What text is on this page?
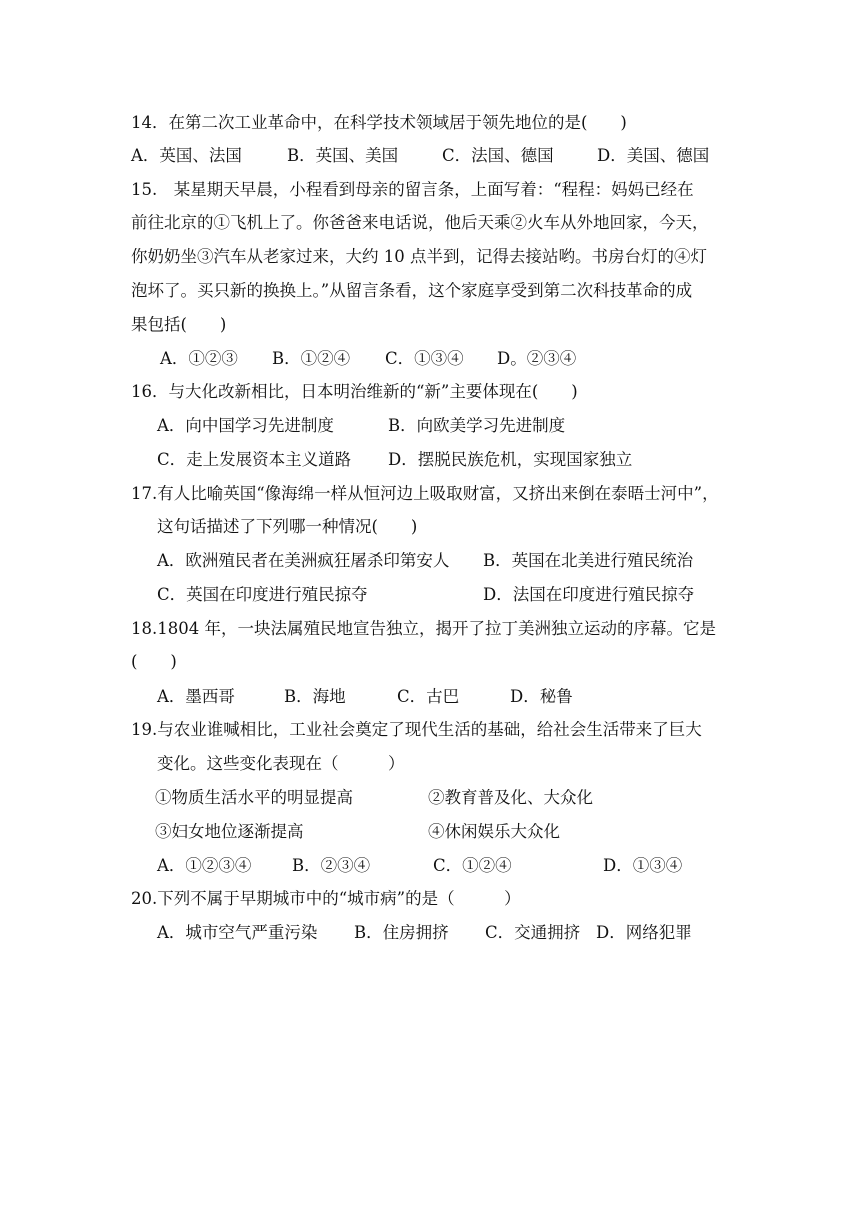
14．在第二次工业革命中，在科学技术领域居于领先地位的是(　　)
A．英国、法国	B．英国、美国	C．法国、德国	D．美国、德国
15.　某星期天早晨，小程看到母亲的留言条，上面写着：“程程：妈妈已经在
前往北京的①飞机上了。你爸爸来电话说，他后天乘②火车从外地回家，今天，
你奶奶坐③汽车从老家过来，大约 10 点半到，记得去接站哟。书房台灯的④灯
泡坏了。买只新的换换上。”从留言条看，这个家庭享受到第二次科技革命的成
果包括(　　)
A．①②③ B．①②④ C．①③④ D。②③④
16．与大化改新相比，日本明治维新的“新”主要体现在(　　)
A．向中国学习先进制度	B．向欧美学习先进制度
C．走上发展资本主义道路 D．摆脱民族危机，实现国家独立
17.有人比喻英国“像海绵一样从恒河边上吸取财富，又挤出来倒在泰晤士河中”，
这句话描述了下列哪一种情况(　　)
A．欧洲殖民者在美洲疯狂屠杀印第安人 B．英国在北美进行殖民统治
C．英国在印度进行殖民掠夺	D．法国在印度进行殖民掠夺
18.1804 年，一块法属殖民地宣告独立，揭开了拉丁美洲独立运动的序幕。它是
(　　)
A．墨西哥	B．海地	C．古巴	D．秘鲁
19.与农业谁喊相比，工业社会奠定了现代生活的基础，给社会生活带来了巨大
变化。这些变化表现在（　　　）
①物质生活水平的明显提高	②教育普及化、大众化
③妇女地位逐渐提高	④休闲娱乐大众化
A．①②③④ B．②③④	C．①②④	D．①③④
20.下列不属于早期城市中的“城市病”的是（　　　）
A．城市空气严重污染 B．住房拥挤 C．交通拥挤 D．网络犯罪
